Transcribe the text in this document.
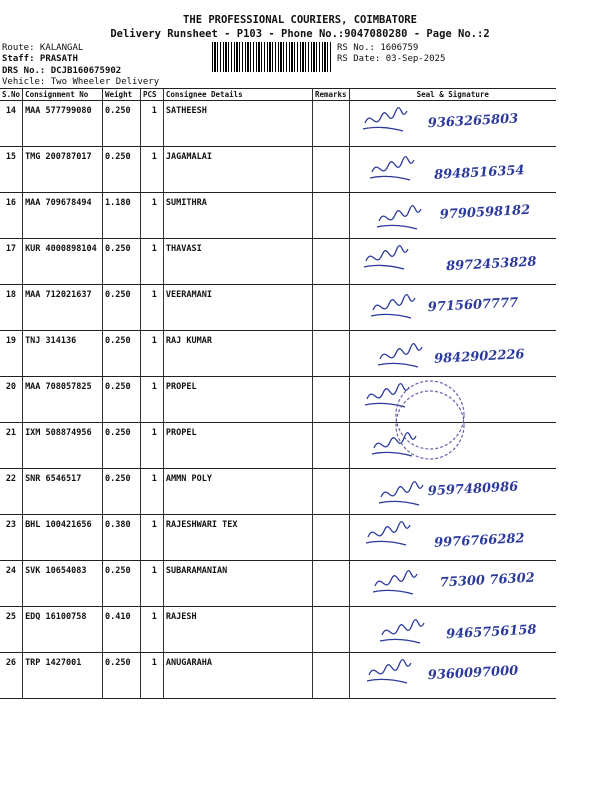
THE PROFESSIONAL COURIERS, COIMBATORE
Delivery Runsheet - P103 - Phone No.:9047080280 - Page No.:2
Route: KALANGAL
Staff: PRASATH
DRS No.: DCJB160675902
Vehicle: Two Wheeler Delivery
RS No.: 1606759
RS Date: 03-Sep-2025
S.No	Consignment No	Weight	PCS	Consignee Details	Remarks	Seal & Signature
14	MAA 577799080	0.250	1	SATHEESH		9363265803

15	TMG 200787017	0.250	1	JAGAMALAI		8948516354

16	MAA 709678494	1.180	1	SUMITHRA		9790598182

17	KUR 4000898104	0.250	1	THAVASI		8972453828

18	MAA 712021637	0.250	1	VEERAMANI		9715607777

19	TNJ 314136	0.250	1	RAJ KUMAR		9842902226

20	MAA 708057825	0.250	1	PROPEL		

21	IXM 508874956	0.250	1	PROPEL		

22	SNR 6546517	0.250	1	AMMN POLY		9597480986

23	BHL 100421656	0.380	1	RAJESHWARI TEX		9976766282

24	SVK 10654083	0.250	1	SUBARAMANIAN		75300 76302

25	EDQ 16100758	0.410	1	RAJESH		9465756158

26	TRP 1427001	0.250	1	ANUGARAHA		9360097000
